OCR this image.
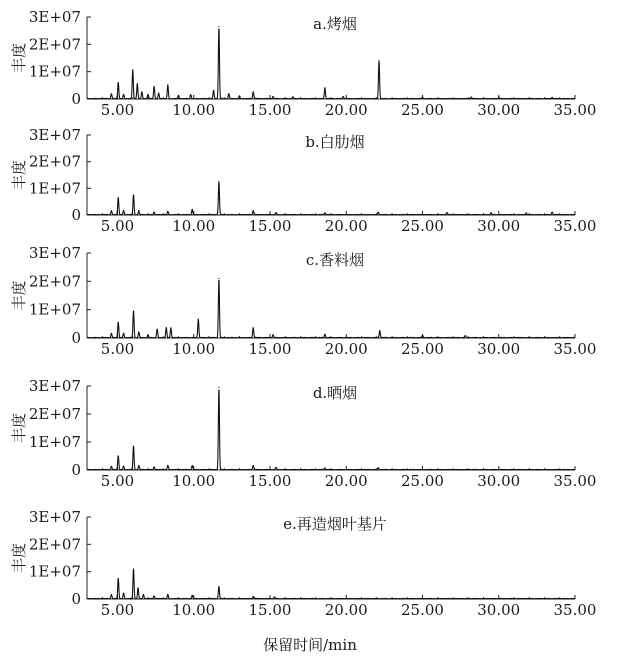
0
1E+07
2E+07
3E+07
5.00	10.00 15.00 20.00 25.00 30.00 35.00
a.烤烟
丰度
0
1E+07
2E+07
3E+07
5.00	10.00 15.00 20.00 25.00 30.00 35.00
b.白肋烟
丰度
0
1E+07
2E+07
3E+07
5.00	10.00 15.00 20.00 25.00 30.00 35.00
c.香料烟
丰度
0
1E+07
2E+07
3E+07
5.00	10.00 15.00 20.00 25.00 30.00 35.00
d.晒烟
丰度
0
1E+07
2E+07
3E+07
5.00	10.00 15.00 20.00 25.00 30.00 35.00
e.再造烟叶基片
丰度
保留时间/min
